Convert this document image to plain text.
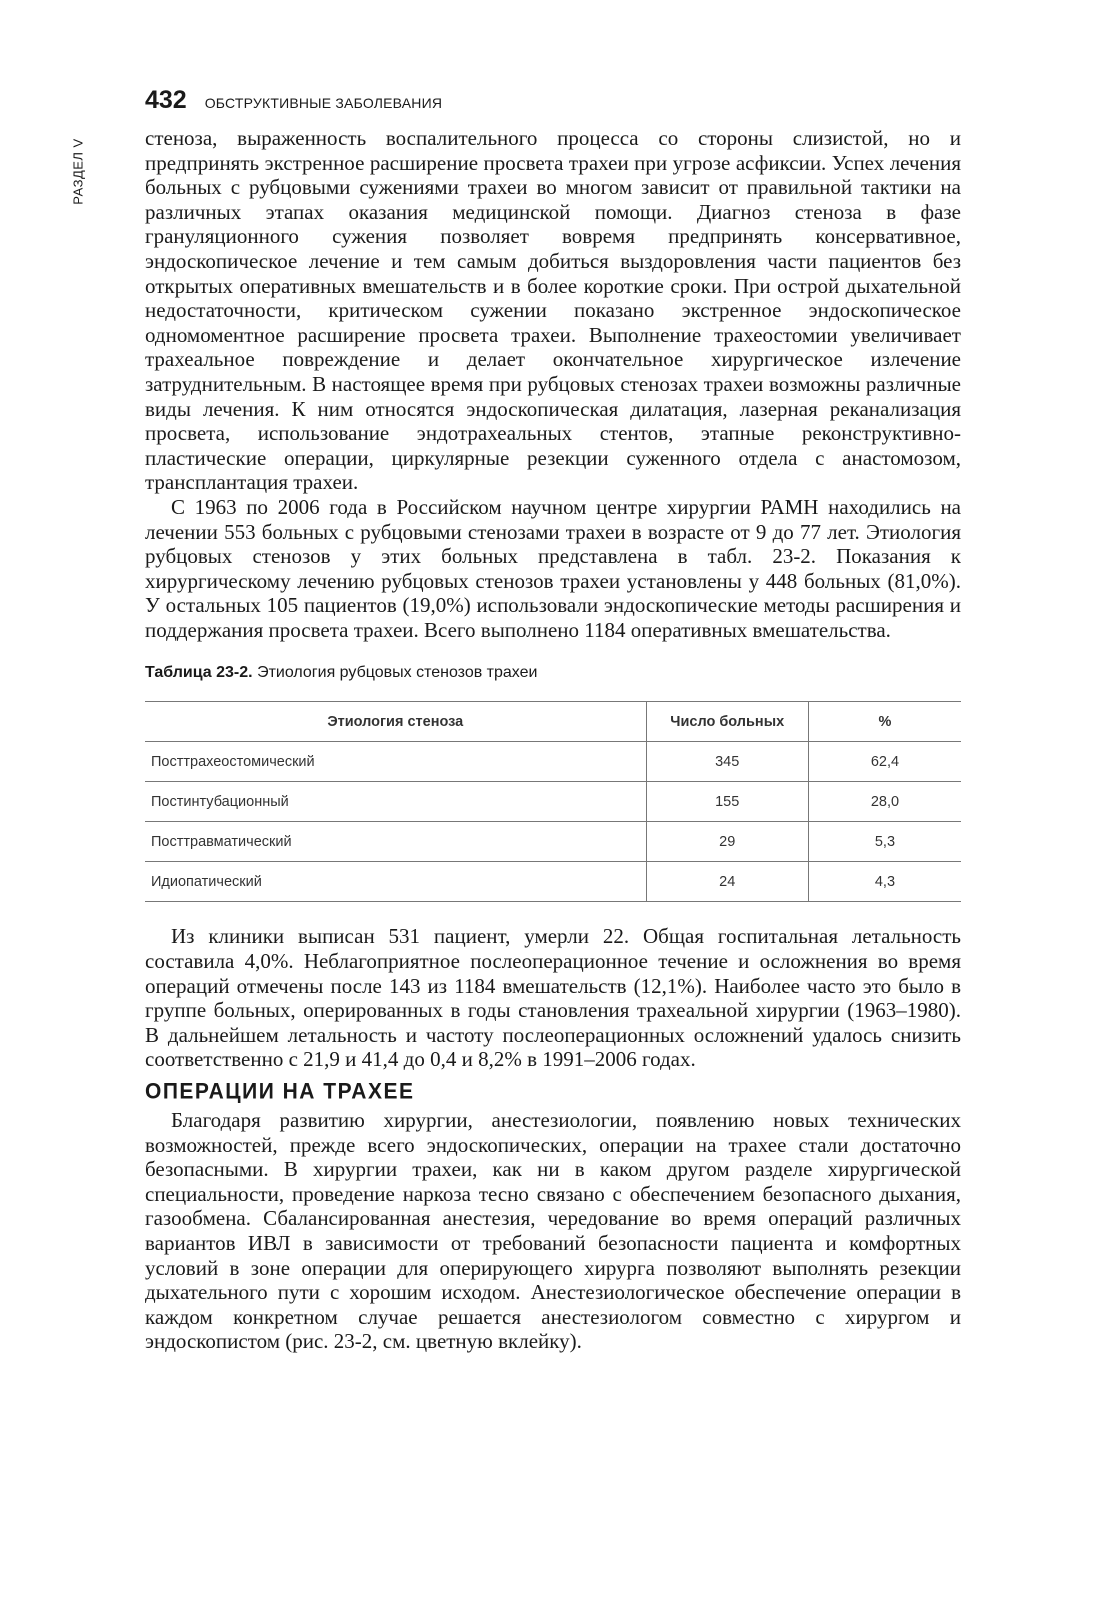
РАЗДЕЛ V
432 ОБСТРУКТИВНЫЕ ЗАБОЛЕВАНИЯ

стеноза, выраженность воспалительного процесса со стороны слизистой, но и предпринять экстренное расширение просвета трахеи при угрозе асфиксии. Успех лечения больных с рубцовыми сужениями трахеи во многом зависит от правильной тактики на различных этапах оказания медицинской помощи. Диагноз стеноза в фазе грануляционного сужения позволяет вовремя предпринять консервативное, эндоскопическое лечение и тем самым добиться выздоровления части пациентов без открытых оперативных вмешательств и в более короткие сроки. При острой дыхательной недостаточности, критическом сужении показано экстренное эндоскопическое одномоментное расширение просвета трахеи. Выполнение трахеостомии увеличивает трахеальное повреждение и делает окончательное хирургическое излечение затруднительным. В настоящее время при рубцовых стенозах трахеи возможны различные виды лечения. К ним относятся эндоскопическая дилатация, лазерная реканализация просвета, использование эндотрахеальных стентов, этапные реконструктивно-пластические операции, циркулярные резекции суженного отдела с анастомозом, трансплантация трахеи.

С 1963 по 2006 года в Российском научном центре хирургии РАМН находились на лечении 553 больных с рубцовыми стенозами трахеи в возрасте от 9 до 77 лет. Этиология рубцовых стенозов у этих больных представлена в табл. 23-2. Показания к хирургическому лечению рубцовых стенозов трахеи установлены у 448 больных (81,0%). У остальных 105 пациентов (19,0%) использовали эндоскопические методы расширения и поддержания просвета трахеи. Всего выполнено 1184 оперативных вмешательства.

Таблица 23-2. Этиология рубцовых стенозов трахеи
Этиология стеноза	Число больных	%
Посттрахеостомический	345	62,4
Постинтубационный	155	28,0
Посттравматический	29	5,3
Идиопатический	24	4,3

Из клиники выписан 531 пациент, умерли 22. Общая госпитальная летальность составила 4,0%. Неблагоприятное послеоперационное течение и осложнения во время операций отмечены после 143 из 1184 вмешательств (12,1%). Наиболее часто это было в группе больных, оперированных в годы становления трахеальной хирургии (1963–1980). В дальнейшем летальность и частоту послеоперационных осложнений удалось снизить соответственно с 21,9 и 41,4 до 0,4 и 8,2% в 1991–2006 годах.

ОПЕРАЦИИ НА ТРАХЕЕ

Благодаря развитию хирургии, анестезиологии, появлению новых технических возможностей, прежде всего эндоскопических, операции на трахее стали достаточно безопасными. В хирургии трахеи, как ни в каком другом разделе хирургической специальности, проведение наркоза тесно связано с обеспечением безопасного дыхания, газообмена. Сбалансированная анестезия, чередование во время операций различных вариантов ИВЛ в зависимости от требований безопасности пациента и комфортных условий в зоне операции для оперирующего хирурга позволяют выполнять резекции дыхательного пути с хорошим исходом. Анестезиологическое обеспечение операции в каждом конкретном случае решается анестезиологом совместно с хирургом и эндоскопистом (рис. 23-2, см. цветную вклейку).
